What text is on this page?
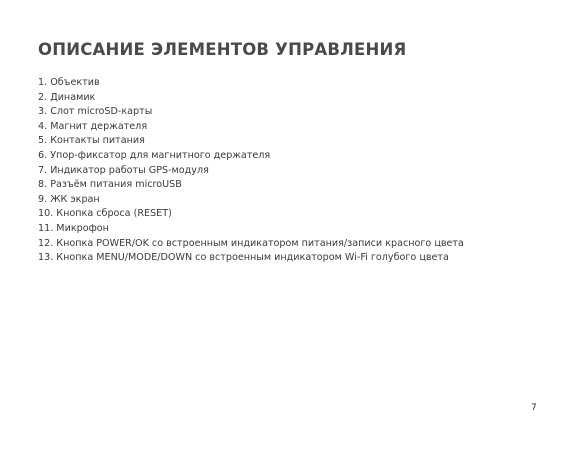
ОПИСАНИЕ ЭЛЕМЕНТОВ УПРАВЛЕНИЯ
1. Объектив
2. Динамик
3. Слот microSD-карты
4. Магнит держателя
5. Контакты питания
6. Упор-фиксатор для магнитного держателя
7. Индикатор работы GPS-модуля
8. Разъём питания microUSB
9. ЖК экран
10. Кнопка сброса (RESET)
11. Микрофон
12. Кнопка POWER/OK со встроенным индикатором питания/записи красного цвета
13. Кнопка MENU/MODE/DOWN со встроенным индикатором Wi-Fi голубого цвета
7
